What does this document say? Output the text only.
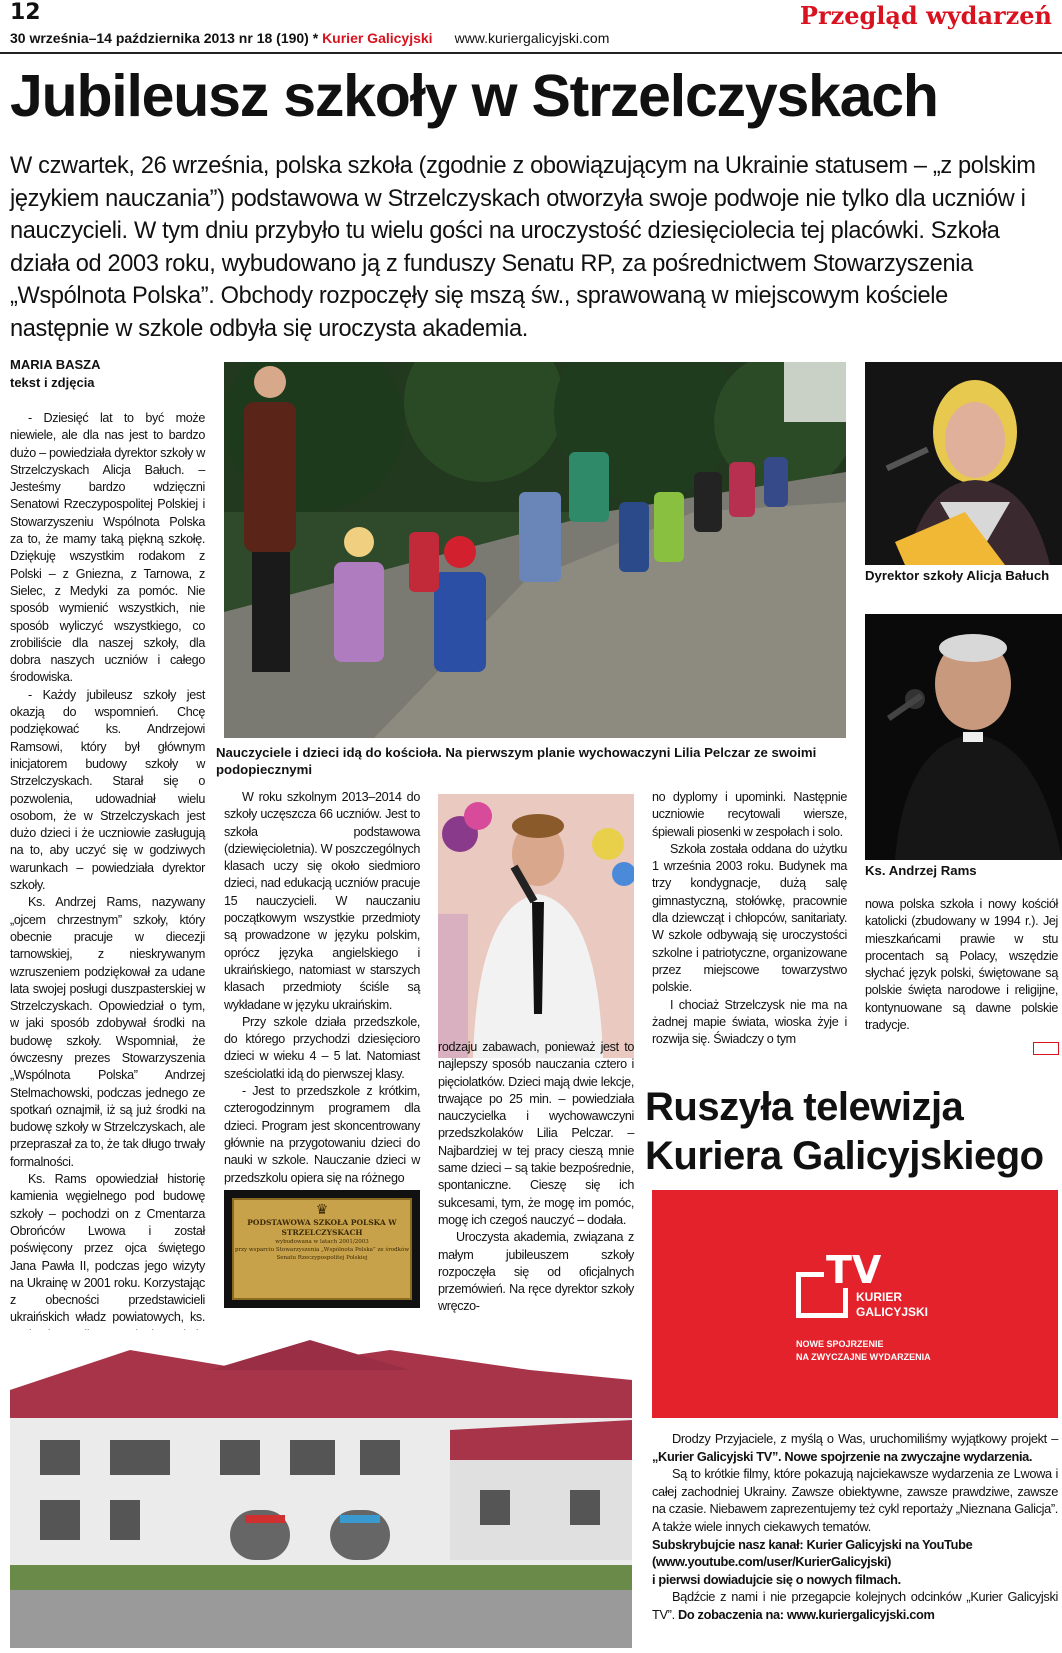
12
30 września–14 października 2013 nr 18 (190) * Kurier Galicyjski www.kuriergalicyjski.com
Przegląd wydarzeń
Jubileusz szkoły w Strzelczyskach
W czwartek, 26 września, polska szkoła (zgodnie z obowiązującym na Ukrainie statusem – „z polskim językiem nauczania”) podstawowa w Strzelczyskach otworzyła swoje podwoje nie tylko dla uczniów i nauczycieli. W tym dniu przybyło tu wielu gości na uroczystość dziesięciolecia tej placówki. Szkoła działa od 2003 roku, wybudowano ją z funduszy Senatu RP, za pośrednictwem Stowarzyszenia „Wspólnota Polska”. Obchody rozpoczęły się mszą św., sprawowaną w miejscowym kościele następnie w szkole odbyła się uroczysta akademia.
MARIA BASZA
tekst i zdjęcia

- Dziesięć lat to być może niewiele, ale dla nas jest to bardzo dużo – powiedziała dyrektor szkoły w Strzelczyskach Alicja Bałuch. – Jesteśmy bardzo wdzięczni Senatowi Rzeczypospolitej Polskiej i Stowarzyszeniu Wspólnota Polska za to, że mamy taką piękną szkołę. Dziękuję wszystkim rodakom z Polski – z Gniezna, z Tarnowa, z Sielec, z Medyki za pomóc. Nie sposób wymienić wszystkich, nie sposób wyliczyć wszystkiego, co zrobiliście dla naszej szkoły, dla dobra naszych uczniów i całego środowiska.

- Każdy jubileusz szkoły jest okazją do wspomnień. Chcę podziękować ks. Andrzejowi Ramsowi, który był głównym inicjatorem budowy szkoły w Strzelczyskach. Starał się o pozwolenia, udowadniał wielu osobom, że w Strzelczyskach jest dużo dzieci i że uczniowie zasługują na to, aby uczyć się w godziwych warunkach – powiedziała dyrektor szkoły.

Ks. Andrzej Rams, nazywany „ojcem chrzestnym” szkoły, który obecnie pracuje w diecezji tarnowskiej, z nieskrywanym wzruszeniem podziękował za udane lata swojej posługi duszpasterskiej w Strzelczyskach. Opowiedział o tym, w jaki sposób zdobywał środki na budowę szkoły. Wspomniał, że ówczesny prezes Stowarzyszenia „Wspólnota Polska” Andrzej Stelmachowski, podczas jednego ze spotkań oznajmił, iż są już środki na budowę szkoły w Strzelczyskach, ale przepraszał za to, że tak długo trwały formalności.

Ks. Rams opowiedział historię kamienia węgielnego pod budowę szkoły – pochodzi on z Cmentarza Obrońców Lwowa i został poświęcony przez ojca świętego Jana Pawła II, podczas jego wizyty na Ukrainę w 2001 roku. Korzystając z obecności przedstawicieli ukraińskich władz powiatowych, ks.

Nauczyciele i dzieci idą do kościoła. Na pierwszym planie wychowaczyni Lilia Pelczar ze swoimi podopiecznymi
Dyrektor szkoły Alicja Bałuch
Ks. Andrzej Rams

W roku szkolnym 2013–2014 do szkoły uczęszcza 66 uczniów. Jest to szkoła podstawowa (dziewięcioletnia). W poszczególnych klasach uczy się około siedmioro dzieci, nad edukacją uczniów pracuje 15 nauczycieli. W nauczaniu początkowym wszystkie przedmioty są prowadzone w języku polskim, oprócz języka angielskiego i ukraińskiego, natomiast w starszych klasach przedmioty ściśle są wykładane w języku ukraińskim.

Przy szkole działa przedszkole, do którego przychodzi dziesięcioro dzieci w wieku 4 – 5 lat. Natomiast sześciolatki idą do pierwszej klasy.

- Jest to przedszkole z krótkim, czterogodzinnym programem dla dzieci. Program jest skoncentrowany głównie na przygotowaniu dzieci do nauki w szkole. Nauczanie dzieci w przedszkolu opiera się na różnego

♛
PODSTAWOWA SZKOŁA POLSKA W STRZELCZYSKACH
wybudowana w latach 2001/2003
przy wsparciu Stowarzyszenia „Wspólnota Polska” ze środków
Senatu Rzeczypospolitej Polskiej

rodzaju zabawach, ponieważ jest to najlepszy sposób nauczania cztero i pięciolatków. Dzieci mają dwie lekcje, trwające po 25 min. – powiedziała nauczycielka i wychowawczyni przedszkolaków Lilia Pelczar. – Najbardziej w tej pracy cieszą mnie same dzieci – są takie bezpośrednie, spontaniczne. Cieszę się ich sukcesami, tym, że mogę im pomóc, mogę ich czegoś nauczyć – dodała.

Uroczysta akademia, związana z małym jubileuszem szkoły rozpoczęła się od oficjalnych przemówień. Na ręce dyrektor szkoły wręczo-

no dyplomy i upominki. Następnie uczniowie recytowali wiersze, śpiewali piosenki w zespołach i solo.

Szkoła została oddana do użytku 1 września 2003 roku. Budynek ma trzy kondygnacje, dużą salę gimnastyczną, stołówkę, pracownie dla dziewcząt i chłopców, sanitariaty. W szkole odbywają się uroczystości szkolne i patriotyczne, organizowane przez miejscowe towarzystwo polskie.

I chociaż Strzelczysk nie ma na żadnej mapie świata, wioska żyje i rozwija się. Świadczy o tym

nowa polska szkoła i nowy kościół katolicki (zbudowany w 1994 r.). Jej mieszkańcami prawie w stu procentach są Polacy, wszędzie słychać język polski, świętowane są polskie święta narodowe i religijne, kontynuowane są dawne polskie tradycje.

Ruszyła telewizja
Kuriera Galicyjskiego
TV
KURIER
GALICYJSKI
NOWE SPOJRZENIE
NA ZWYCZAJNE WYDARZENIA

Drodzy Przyjaciele, z myślą o Was, uruchomiliśmy wyjątkowy projekt – „Kurier Galicyjski TV”. Nowe spojrzenie na zwyczajne wydarzenia.

Są to krótkie filmy, które pokazują najciekawsze wydarzenia ze Lwowa i całej zachodniej Ukrainy. Zawsze obiektywne, zawsze prawdziwe, zawsze na czasie. Niebawem zaprezentujemy też cykl reportaży „Nieznana Galicja”. A także wiele innych ciekawych tematów.

Subskrybujcie nasz kanał: Kurier Galicyjski na YouTube
(www.youtube.com/user/KurierGalicyjski)
i pierwsi dowiadujcie się o nowych filmach.

Bądźcie z nami i nie przegapcie kolejnych odcinków „Kurier Galicyjski TV”. Do zobaczenia na: www.kuriergalicyjski.com
